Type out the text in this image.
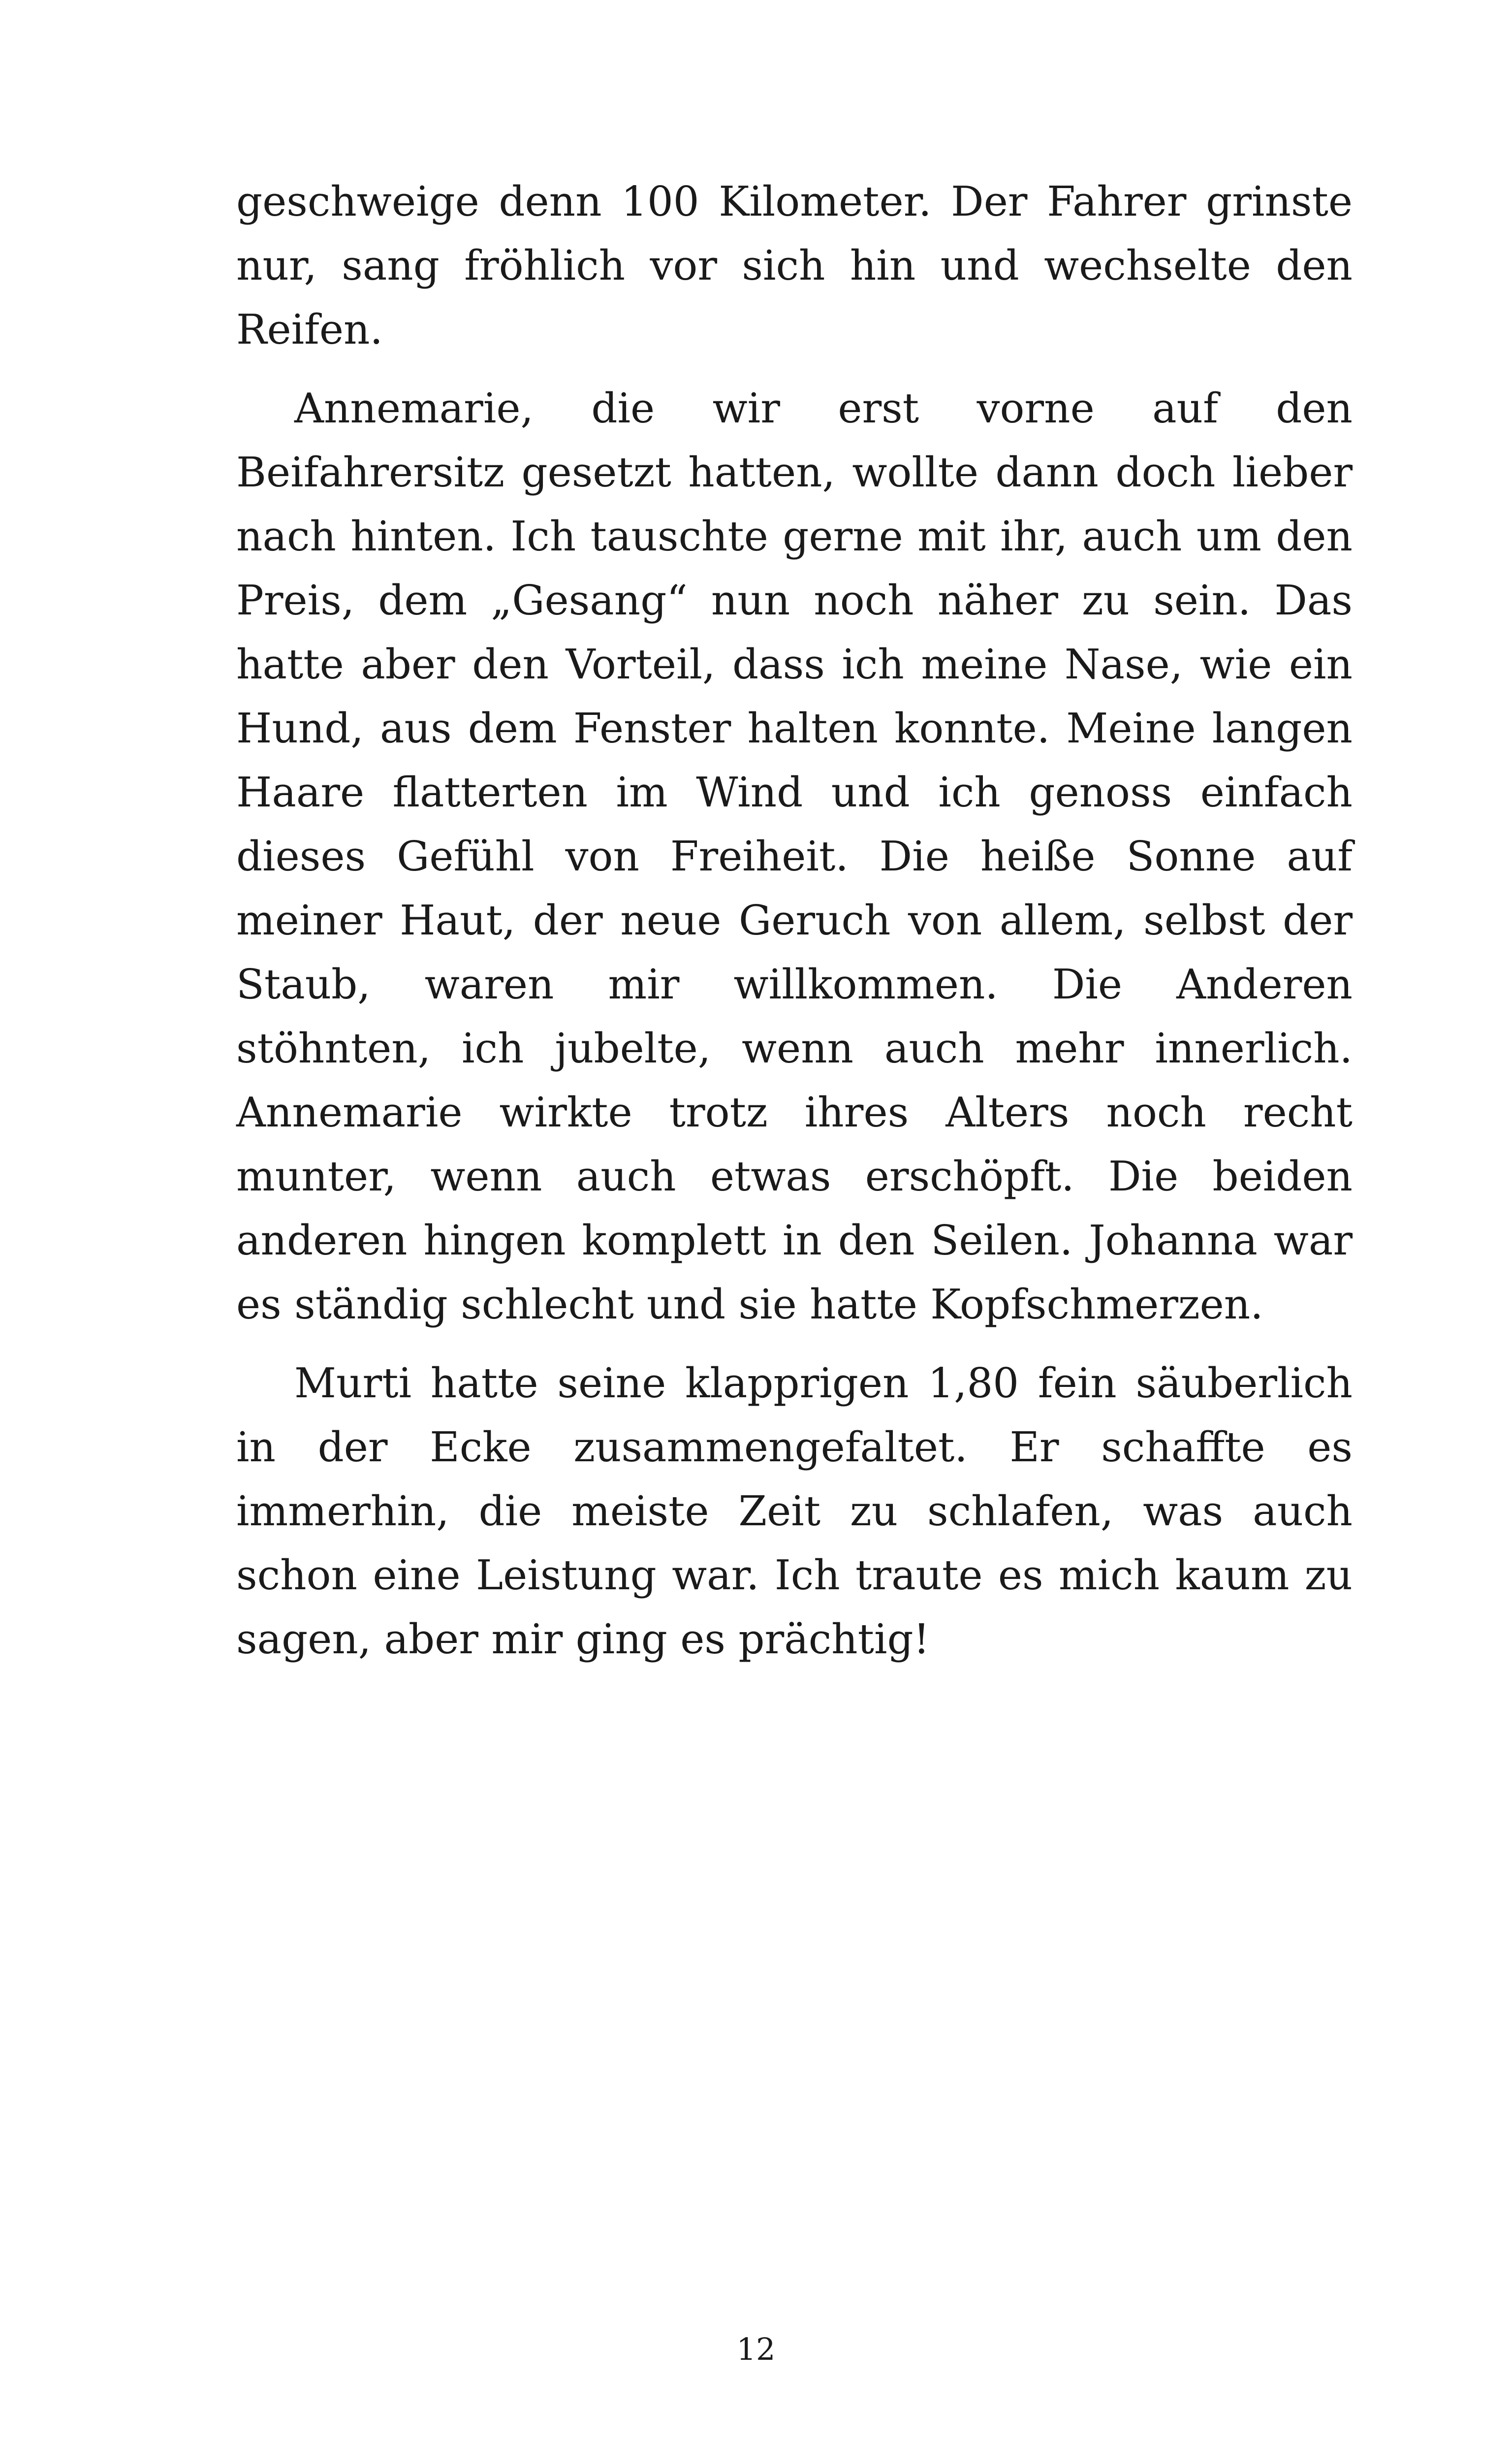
geschweige denn 100 Kilometer. Der Fahrer grinste nur, sang fröhlich vor sich hin und wechselte den Reifen.

Annemarie, die wir erst vorne auf den Beifahrersitz gesetzt hatten, wollte dann doch lieber nach hinten. Ich tauschte gerne mit ihr, auch um den Preis, dem „Gesang“ nun noch näher zu sein. Das hatte aber den Vorteil, dass ich meine Nase, wie ein Hund, aus dem Fenster halten konnte. Meine langen Haare flatterten im Wind und ich genoss einfach dieses Gefühl von Freiheit. Die heiße Sonne auf meiner Haut, der neue Geruch von allem, selbst der Staub, waren mir willkommen. Die Anderen stöhnten, ich jubelte, wenn auch mehr innerlich. Annemarie wirkte trotz ihres Alters noch recht munter, wenn auch etwas erschöpft. Die beiden anderen hingen komplett in den Seilen. Johanna war es ständig schlecht und sie hatte Kopfschmerzen.

Murti hatte seine klapprigen 1,80 fein säuberlich in der Ecke zusammengefaltet. Er schaffte es immerhin, die meiste Zeit zu schlafen, was auch schon eine Leistung war. Ich traute es mich kaum zu sagen, aber mir ging es prächtig!

12
